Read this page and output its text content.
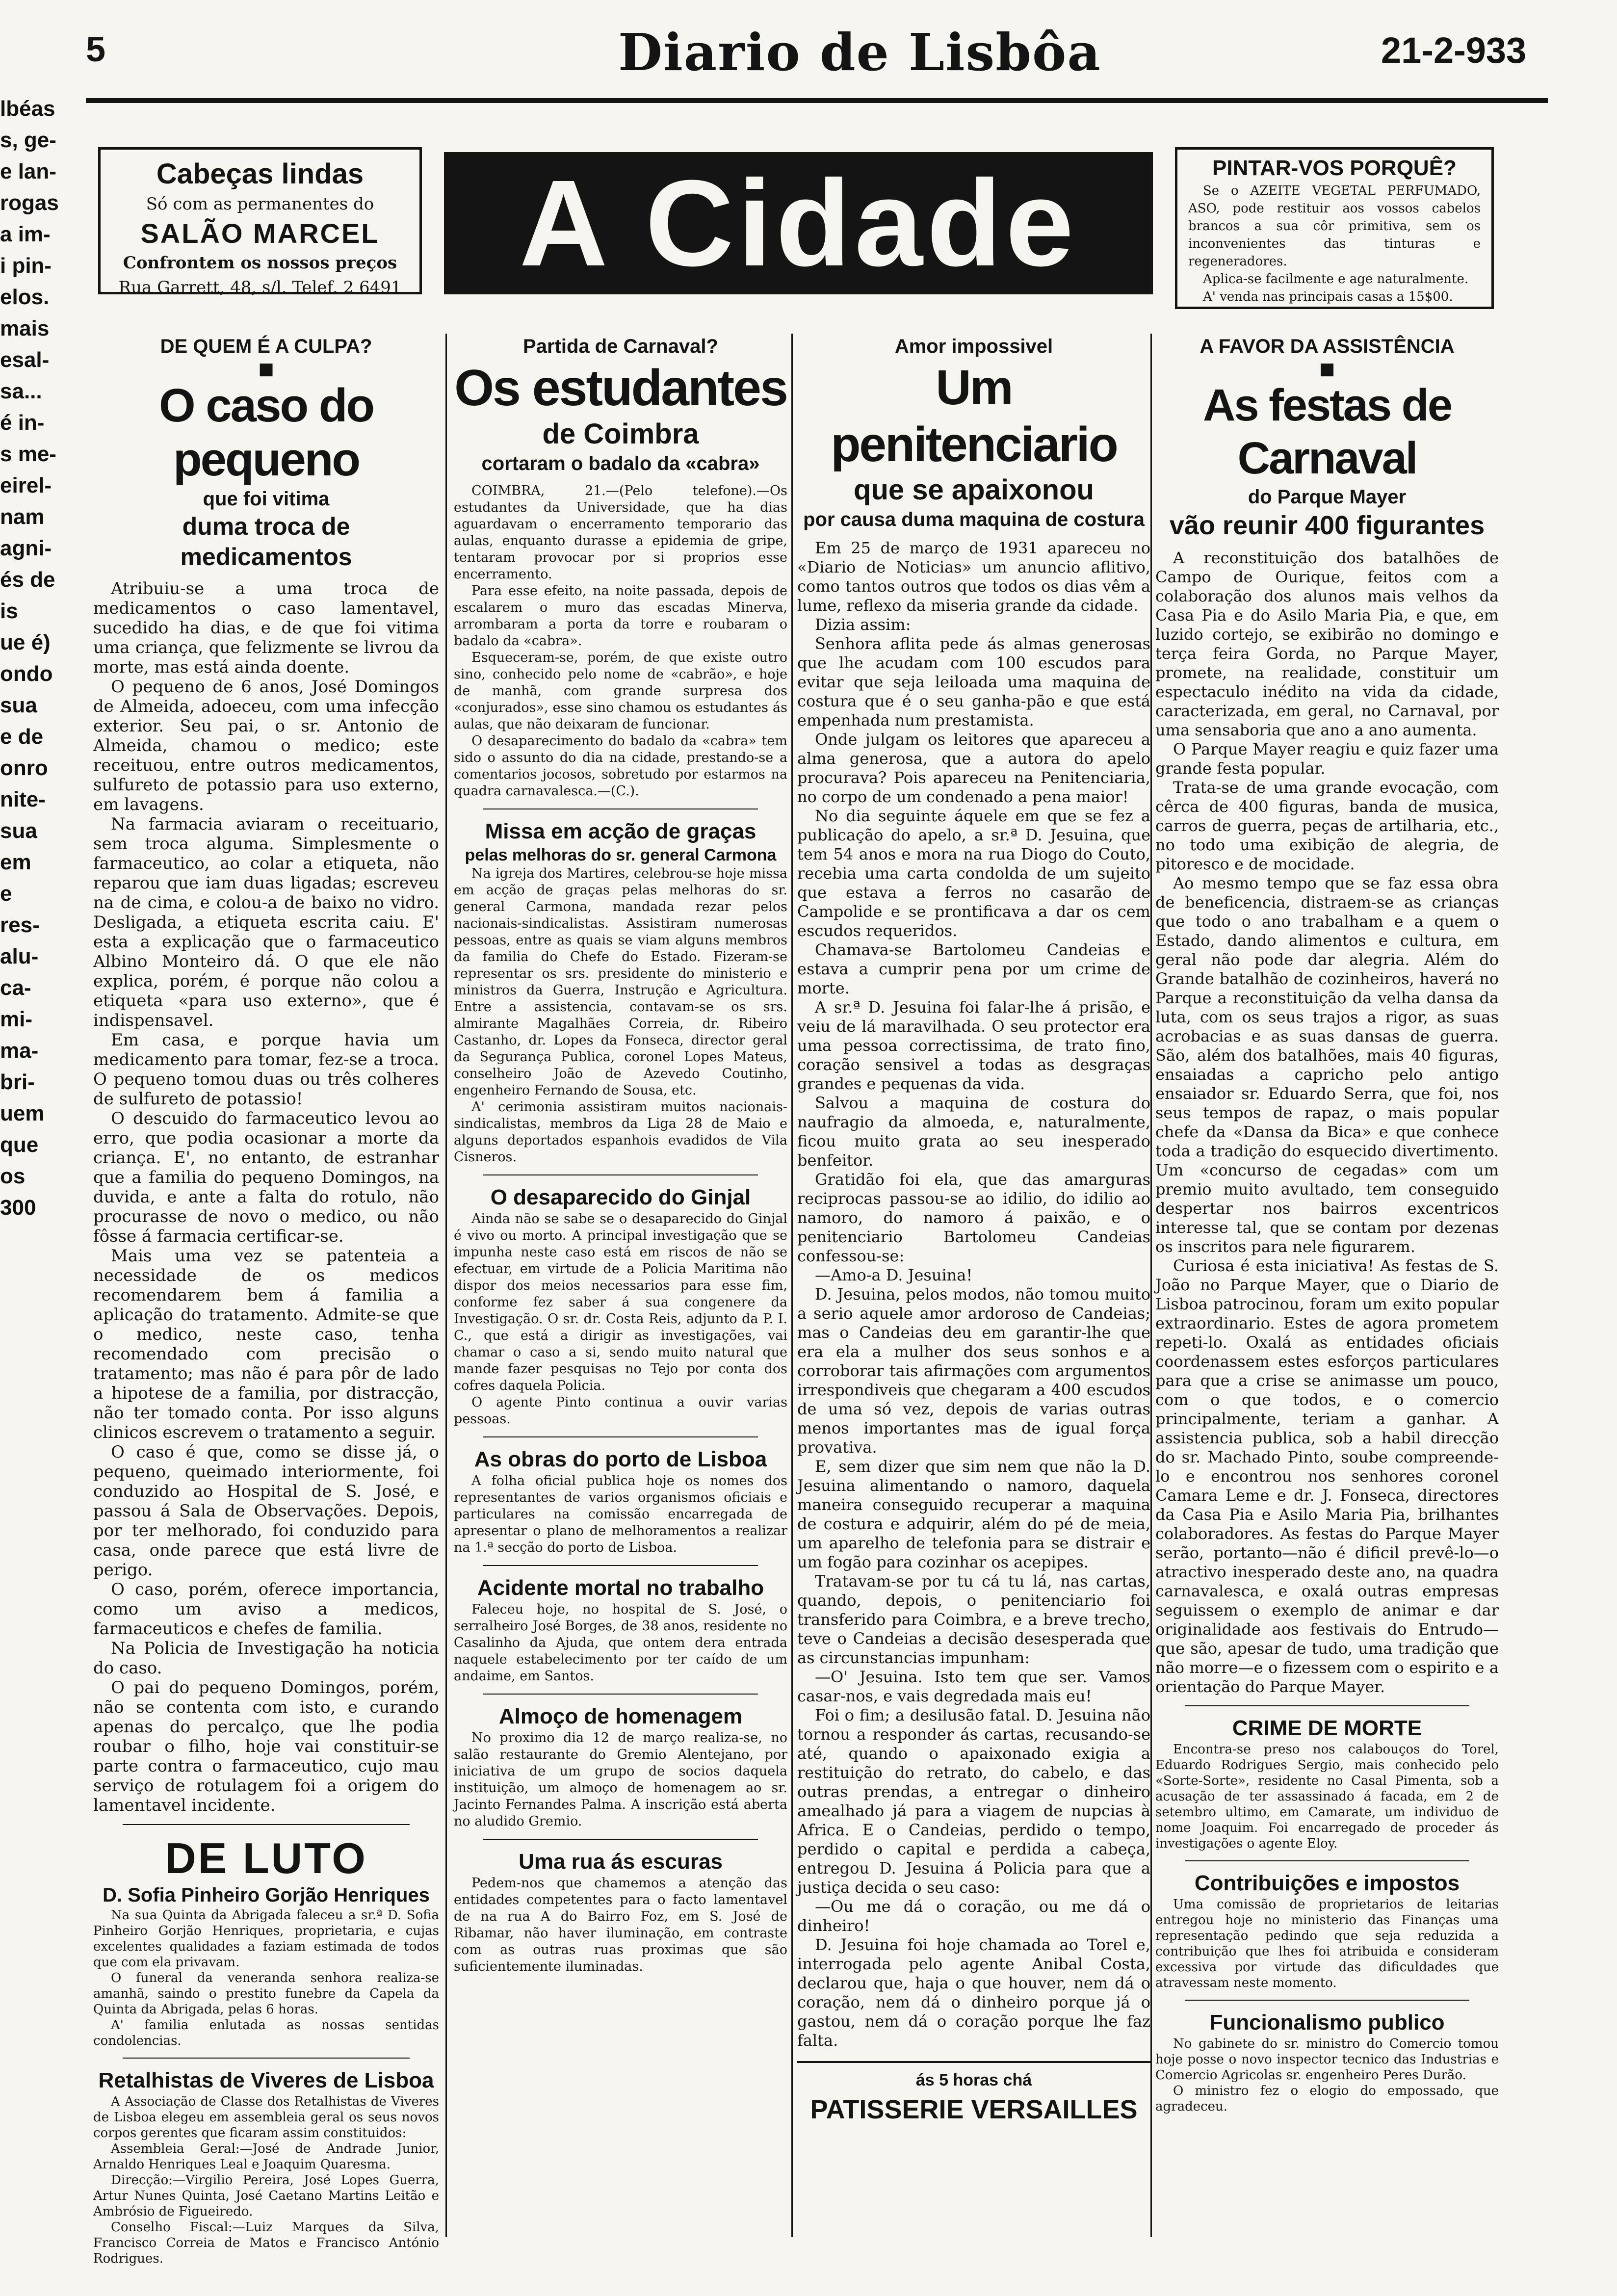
5	Diario de Lisbôa	21-2-933
lbéas
s, ge-
e lan-
rogas
a im-
i pin-
elos.
mais
esal-
sa...
é in-
s me-
eirel-
nam
agni-
és de
is
ue é)
ondo
sua
e de
onro
nite-
sua
em
e
res-
alu-
ca-
mi-
ma-
bri-
uem
que
os
300
Cabeças lindas
Só com as permanentes do
SALÃO MARCEL
Confrontem os nossos preços
Rua Garrett, 48, s/l. Telef. 2 6491 A Cidade	PINTAR-VOS PORQUÊ?

Se o AZEITE VEGETAL PERFUMADO, ASO, pode restituir aos vossos cabelos brancos a sua côr primitiva, sem os inconvenientes das tinturas e regeneradores.

Aplica-se facilmente e age naturalmente.

A' venda nas principais casas a 15$00.

DE QUEM É A CULPA?
■
O caso do pequeno
que foi vitima
duma troca de medicamentos

Atribuiu-se a uma troca de medicamentos o caso lamentavel, sucedido ha dias, e de que foi vitima uma criança, que felizmente se livrou da morte, mas está ainda doente.

O pequeno de 6 anos, José Domingos de Almeida, adoeceu, com uma infecção exterior. Seu pai, o sr. Antonio de Almeida, chamou o medico; este receituou, entre outros medicamentos, sulfureto de potassio para uso externo, em lavagens.

Na farmacia aviaram o receituario, sem troca alguma. Simplesmente o farmaceutico, ao colar a etiqueta, não reparou que iam duas ligadas; escreveu na de cima, e colou-a de baixo no vidro. Desligada, a etiqueta escrita caiu. E' esta a explicação que o farmaceutico Albino Monteiro dá. O que ele não explica, porém, é porque não colou a etiqueta «para uso externo», que é indispensavel.

Em casa, e porque havia um medicamento para tomar, fez-se a troca. O pequeno tomou duas ou três colheres de sulfureto de potassio!

O descuido do farmaceutico levou ao erro, que podia ocasionar a morte da criança. E', no entanto, de estranhar que a familia do pequeno Domingos, na duvida, e ante a falta do rotulo, não procurasse de novo o medico, ou não fôsse á farmacia certificar-se.

Mais uma vez se patenteia a necessidade de os medicos recomendarem bem á familia a aplicação do tratamento. Admite-se que o medico, neste caso, tenha recomendado com precisão o tratamento; mas não é para pôr de lado a hipotese de a familia, por distracção, não ter tomado conta. Por isso alguns clinicos escrevem o tratamento a seguir.

O caso é que, como se disse já, o pequeno, queimado interiormente, foi conduzido ao Hospital de S. José, e passou á Sala de Observações. Depois, por ter melhorado, foi conduzido para casa, onde parece que está livre de perigo.

O caso, porém, oferece importancia, como um aviso a medicos, farmaceuticos e chefes de familia.

Na Policia de Investigação ha noticia do caso.

O pai do pequeno Domingos, porém, não se contenta com isto, e curando apenas do percalço, que lhe podia roubar o filho, hoje vai constituir-se parte contra o farmaceutico, cujo mau serviço de rotulagem foi a origem do lamentavel incidente.

DE LUTO
D. Sofia Pinheiro Gorjão Henriques

Na sua Quinta da Abrigada faleceu a sr.ª D. Sofia Pinheiro Gorjão Henriques, proprietaria, e cujas excelentes qualidades a faziam estimada de todos que com ela privavam.

O funeral da veneranda senhora realiza-se amanhã, saindo o prestito funebre da Capela da Quinta da Abrigada, pelas 6 horas.

A' familia enlutada as nossas sentidas condolencias.

Retalhistas de Viveres de Lisboa

A Associação de Classe dos Retalhistas de Viveres de Lisboa elegeu em assembleia geral os seus novos corpos gerentes que ficaram assim constituidos:

Assembleia Geral:—José de Andrade Junior, Arnaldo Henriques Leal e Joaquim Quaresma.

Direcção:—Virgilio Pereira, José Lopes Guerra, Artur Nunes Quinta, José Caetano Martins Leitão e Ambrósio de Figueiredo.

Conselho Fiscal:—Luiz Marques da Silva, Francisco Correia de Matos e Francisco António Rodrigues.

Partida de Carnaval?
Os estudantes
de Coimbra
cortaram o badalo da «cabra»

COIMBRA, 21.—(Pelo telefone).—Os estudantes da Universidade, que ha dias aguardavam o encerramento temporario das aulas, enquanto durasse a epidemia de gripe, tentaram provocar por si proprios esse encerramento.

Para esse efeito, na noite passada, depois de escalarem o muro das escadas Minerva, arrombaram a porta da torre e roubaram o badalo da «cabra».

Esqueceram-se, porém, de que existe outro sino, conhecido pelo nome de «cabrão», e hoje de manhã, com grande surpresa dos «conjurados», esse sino chamou os estudantes ás aulas, que não deixaram de funcionar.

O desaparecimento do badalo da «cabra» tem sido o assunto do dia na cidade, prestando-se a comentarios jocosos, sobretudo por estarmos na quadra carnavalesca.—(C.).

Missa em acção de graças
pelas melhoras do sr. general Carmona

Na igreja dos Martires, celebrou-se hoje missa em acção de graças pelas melhoras do sr. general Carmona, mandada rezar pelos nacionais-sindicalistas. Assistiram numerosas pessoas, entre as quais se viam alguns membros da familia do Chefe do Estado. Fizeram-se representar os srs. presidente do ministerio e ministros da Guerra, Instrução e Agricultura. Entre a assistencia, contavam-se os srs. almirante Magalhães Correia, dr. Ribeiro Castanho, dr. Lopes da Fonseca, director geral da Segurança Publica, coronel Lopes Mateus, conselheiro João de Azevedo Coutinho, engenheiro Fernando de Sousa, etc.

A' cerimonia assistiram muitos nacionais-sindicalistas, membros da Liga 28 de Maio e alguns deportados espanhois evadidos de Vila Cisneros.

O desaparecido do Ginjal

Ainda não se sabe se o desaparecido do Ginjal é vivo ou morto. A principal investigação que se impunha neste caso está em riscos de não se efectuar, em virtude de a Policia Maritima não dispor dos meios necessarios para esse fim, conforme fez saber á sua congenere da Investigação. O sr. dr. Costa Reis, adjunto da P. I. C., que está a dirigir as investigações, vai chamar o caso a si, sendo muito natural que mande fazer pesquisas no Tejo por conta dos cofres daquela Policia.

O agente Pinto continua a ouvir varias pessoas.

As obras do porto de Lisboa

A folha oficial publica hoje os nomes dos representantes de varios organismos oficiais e particulares na comissão encarregada de apresentar o plano de melhoramentos a realizar na 1.ª secção do porto de Lisboa.

Acidente mortal no trabalho

Faleceu hoje, no hospital de S. José, o serralheiro José Borges, de 38 anos, residente no Casalinho da Ajuda, que ontem dera entrada naquele estabelecimento por ter caído de um andaime, em Santos.

Almoço de homenagem

No proximo dia 12 de março realiza-se, no salão restaurante do Gremio Alentejano, por iniciativa de um grupo de socios daquela instituição, um almoço de homenagem ao sr. Jacinto Fernandes Palma. A inscrição está aberta no aludido Gremio.

Uma rua ás escuras

Pedem-nos que chamemos a atenção das entidades competentes para o facto lamentavel de na rua A do Bairro Foz, em S. José de Ribamar, não haver iluminação, em contraste com as outras ruas proximas que são suficientemente iluminadas.

Amor impossivel
Um penitenciario
que se apaixonou
por causa duma maquina de costura

Em 25 de março de 1931 apareceu no «Diario de Noticias» um anuncio aflitivo, como tantos outros que todos os dias vêm a lume, reflexo da miseria grande da cidade.

Dizia assim:

Senhora aflita pede ás almas generosas que lhe acudam com 100 escudos para evitar que seja leiloada uma maquina de costura que é o seu ganha-pão e que está empenhada num prestamista.

Onde julgam os leitores que apareceu a alma generosa, que a autora do apelo procurava? Pois apareceu na Penitenciaria, no corpo de um condenado a pena maior!

No dia seguinte áquele em que se fez a publicação do apelo, a sr.ª D. Jesuina, que tem 54 anos e mora na rua Diogo do Couto, recebia uma carta condolda de um sujeito que estava a ferros no casarão de Campolide e se prontificava a dar os cem escudos requeridos.

Chamava-se Bartolomeu Candeias e estava a cumprir pena por um crime de morte.

A sr.ª D. Jesuina foi falar-lhe á prisão, e veiu de lá maravilhada. O seu protector era uma pessoa correctissima, de trato fino, coração sensivel a todas as desgraças grandes e pequenas da vida.

Salvou a maquina de costura do naufragio da almoeda, e, naturalmente, ficou muito grata ao seu inesperado benfeitor.

Gratidão foi ela, que das amarguras reciprocas passou-se ao idilio, do idilio ao namoro, do namoro á paixão, e o penitenciario Bartolomeu Candeias confessou-se:

—Amo-a D. Jesuina!

D. Jesuina, pelos modos, não tomou muito a serio aquele amor ardoroso de Candeias; mas o Candeias deu em garantir-lhe que era ela a mulher dos seus sonhos e a corroborar tais afirmações com argumentos irrespondiveis que chegaram a 400 escudos de uma só vez, depois de varias outras menos importantes mas de igual força provativa.

E, sem dizer que sim nem que não la D. Jesuina alimentando o namoro, daquela maneira conseguido recuperar a maquina de costura e adquirir, além do pé de meia, um aparelho de telefonia para se distrair e um fogão para cozinhar os acepipes.

Tratavam-se por tu cá tu lá, nas cartas, quando, depois, o penitenciario foi transferido para Coimbra, e a breve trecho, teve o Candeias a decisão desesperada que as circunstancias impunham:

—O' Jesuina. Isto tem que ser. Vamos casar-nos, e vais degredada mais eu!

Foi o fim; a desilusão fatal. D. Jesuina não tornou a responder ás cartas, recusando-se até, quando o apaixonado exigia a restituição do retrato, do cabelo, e das outras prendas, a entregar o dinheiro amealhado já para a viagem de nupcias à Africa. E o Candeias, perdido o tempo, perdido o capital e perdida a cabeça, entregou D. Jesuina á Policia para que a justiça decida o seu caso:

—Ou me dá o coração, ou me dá o dinheiro!

D. Jesuina foi hoje chamada ao Torel e, interrogada pelo agente Anibal Costa, declarou que, haja o que houver, nem dá o coração, nem dá o dinheiro porque já o gastou, nem dá o coração porque lhe faz falta.

ás 5 horas chá
PATISSERIE VERSAILLES
A FAVOR DA ASSISTÊNCIA
■
As festas de Carnaval
do Parque Mayer
vão reunir 400 figurantes

A reconstituição dos batalhões de Campo de Ourique, feitos com a colaboração dos alunos mais velhos da Casa Pia e do Asilo Maria Pia, e que, em luzido cortejo, se exibirão no domingo e terça feira Gorda, no Parque Mayer, promete, na realidade, constituir um espectaculo inédito na vida da cidade, caracterizada, em geral, no Carnaval, por uma sensaboria que ano a ano aumenta.

O Parque Mayer reagiu e quiz fazer uma grande festa popular.

Trata-se de uma grande evocação, com cêrca de 400 figuras, banda de musica, carros de guerra, peças de artilharia, etc., no todo uma exibição de alegria, de pitoresco e de mocidade.

Ao mesmo tempo que se faz essa obra de beneficencia, distraem-se as crianças que todo o ano trabalham e a quem o Estado, dando alimentos e cultura, em geral não pode dar alegria. Além do Grande batalhão de cozinheiros, haverá no Parque a reconstituição da velha dansa da luta, com os seus trajos a rigor, as suas acrobacias e as suas dansas de guerra. São, além dos batalhões, mais 40 figuras, ensaiadas a capricho pelo antigo ensaiador sr. Eduardo Serra, que foi, nos seus tempos de rapaz, o mais popular chefe da «Dansa da Bica» e que conhece toda a tradição do esquecido divertimento. Um «concurso de cegadas» com um premio muito avultado, tem conseguido despertar nos bairros excentricos interesse tal, que se contam por dezenas os inscritos para nele figurarem.

Curiosa é esta iniciativa! As festas de S. João no Parque Mayer, que o Diario de Lisboa patrocinou, foram um exito popular extraordinario. Estes de agora prometem repeti-lo. Oxalá as entidades oficiais coordenassem estes esforços particulares para que a crise se animasse um pouco, com o que todos, e o comercio principalmente, teriam a ganhar. A assistencia publica, sob a habil direcção do sr. Machado Pinto, soube compreende-lo e encontrou nos senhores coronel Camara Leme e dr. J. Fonseca, directores da Casa Pia e Asilo Maria Pia, brilhantes colaboradores. As festas do Parque Mayer serão, portanto—não é dificil prevê-lo—o atractivo inesperado deste ano, na quadra carnavalesca, e oxalá outras empresas seguissem o exemplo de animar e dar originalidade aos festivais do Entrudo—que são, apesar de tudo, uma tradição que não morre—e o fizessem com o espirito e a orientação do Parque Mayer.

CRIME DE MORTE

Encontra-se preso nos calabouços do Torel, Eduardo Rodrigues Sergio, mais conhecido pelo «Sorte-Sorte», residente no Casal Pimenta, sob a acusação de ter assassinado á facada, em 2 de setembro ultimo, em Camarate, um individuo de nome Joaquim. Foi encarregado de proceder ás investigações o agente Eloy.

Contribuições e impostos

Uma comissão de proprietarios de leitarias entregou hoje no ministerio das Finanças uma representação pedindo que seja reduzida a contribuição que lhes foi atribuida e consideram excessiva por virtude das dificuldades que atravessam neste momento.

Funcionalismo publico

No gabinete do sr. ministro do Comercio tomou hoje posse o novo inspector tecnico das Industrias e Comercio Agricolas sr. engenheiro Peres Durão.

O ministro fez o elogio do empossado, que agradeceu.
